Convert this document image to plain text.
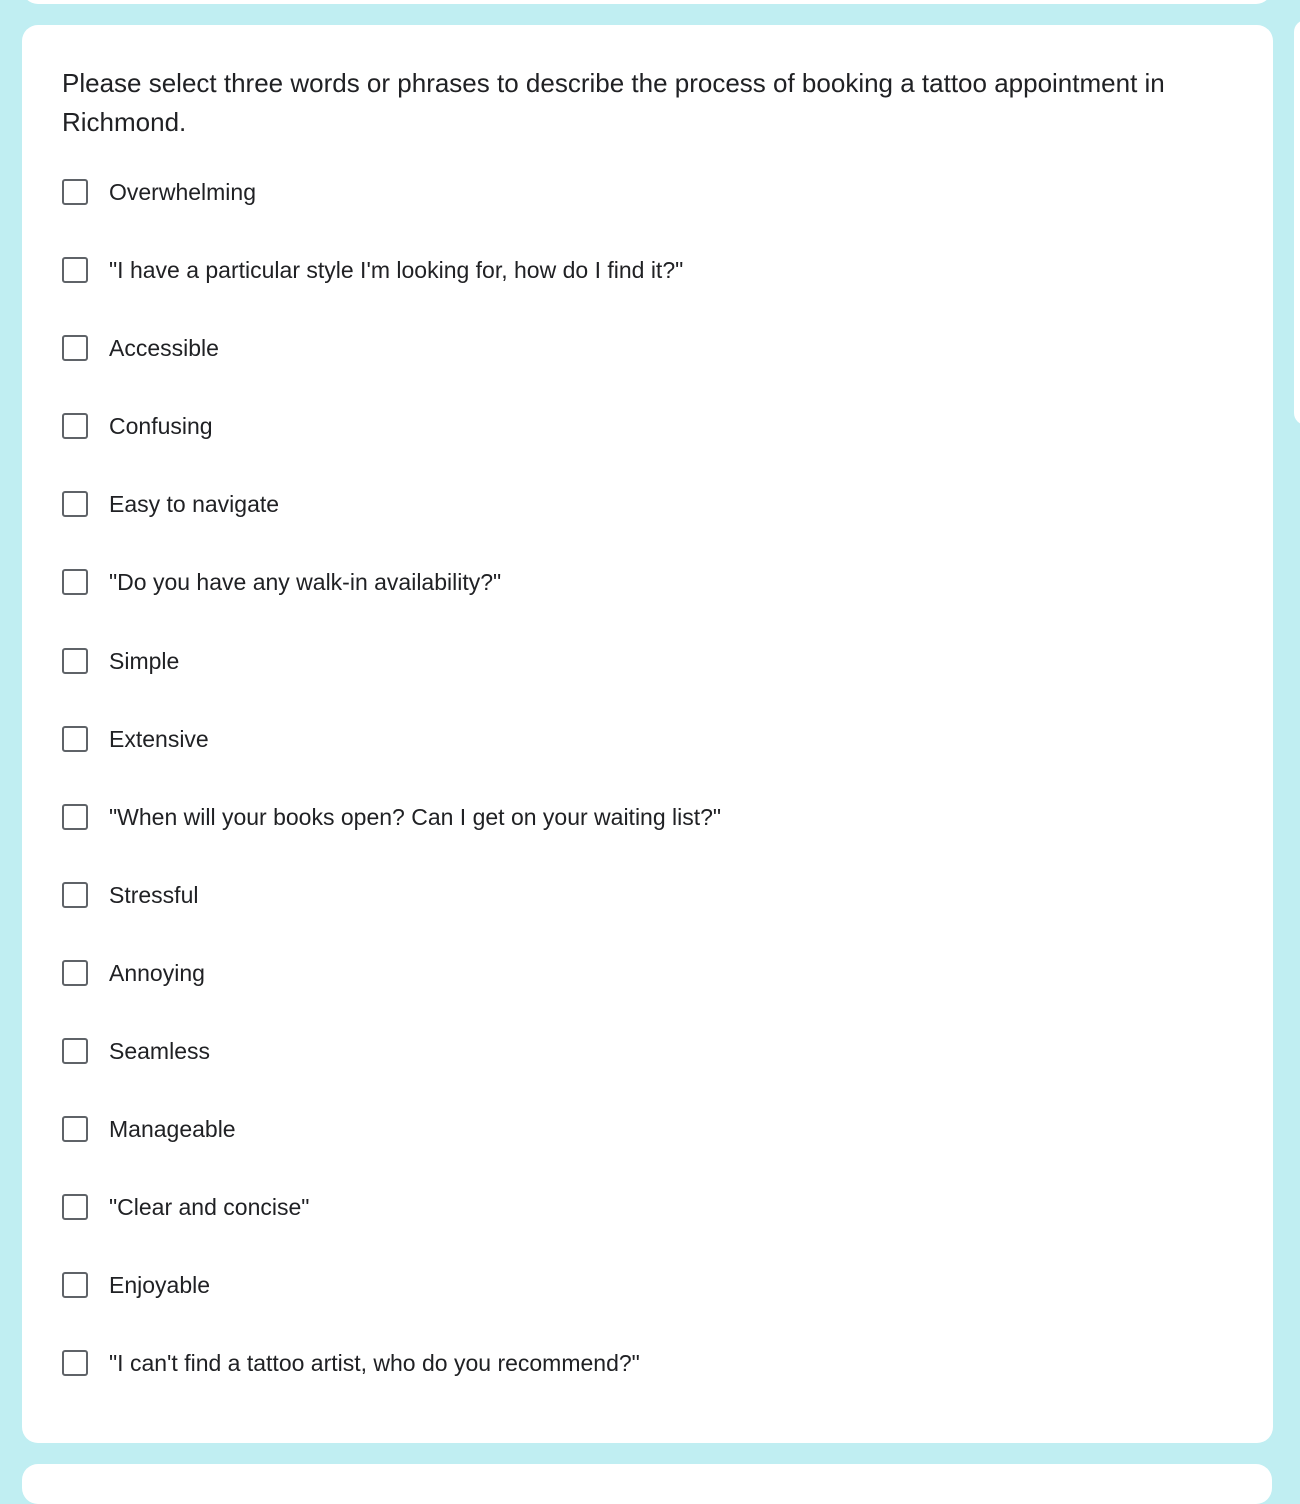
Please select three words or phrases to describe the process of booking a tattoo appointment in Richmond.

Overwhelming
"I have a particular style I'm looking for, how do I find it?"
Accessible
Confusing
Easy to navigate
"Do you have any walk-in availability?"
Simple
Extensive
"When will your books open? Can I get on your waiting list?"
Stressful
Annoying
Seamless
Manageable
"Clear and concise"
Enjoyable
"I can't find a tattoo artist, who do you recommend?"
